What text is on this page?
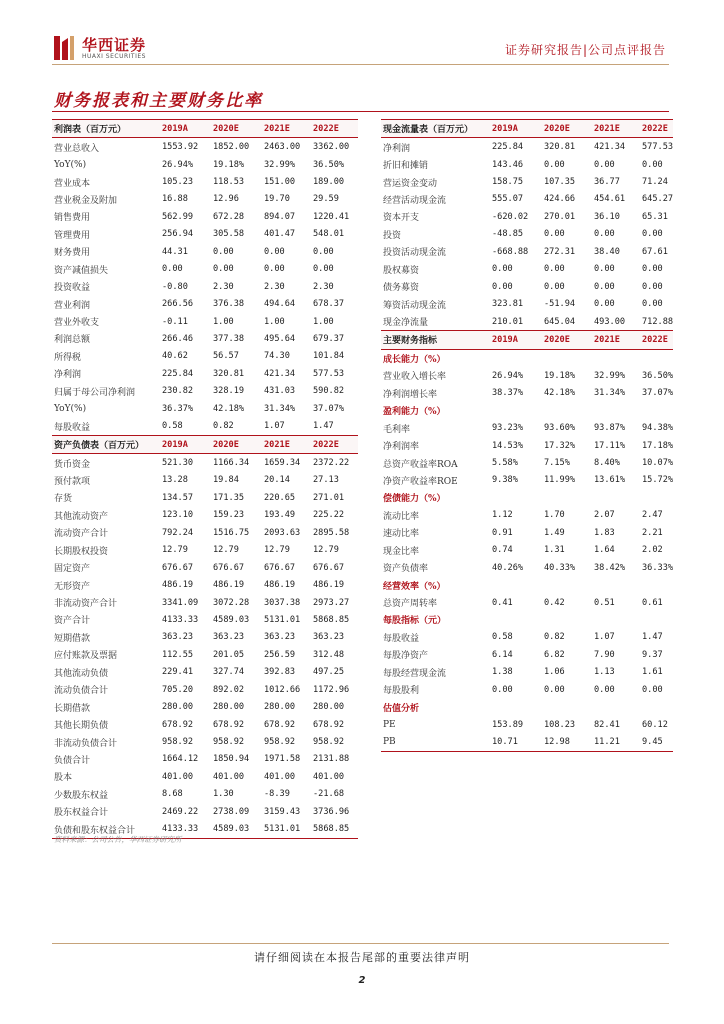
华西证券
HUAXI SECURITIES	证券研究报告|公司点评报告
财务报表和主要财务比率
利润表（百万元）	2019A	2020E	2021E	2022E
营业总收入	1553.92	1852.00	2463.00	3362.00
YoY(%)	26.94%	19.18%	32.99%	36.50%
营业成本	105.23	118.53	151.00	189.00
营业税金及附加	16.88	12.96	19.70	29.59
销售费用	562.99	672.28	894.07	1220.41
管理费用	256.94	305.58	401.47	548.01
财务费用	44.31	0.00	0.00	0.00
资产减值损失	0.00	0.00	0.00	0.00
投资收益	-0.80	2.30	2.30	2.30
营业利润	266.56	376.38	494.64	678.37
营业外收支	-0.11	1.00	1.00	1.00
利润总额	266.46	377.38	495.64	679.37
所得税	40.62	56.57	74.30	101.84
净利润	225.84	320.81	421.34	577.53
归属于母公司净利润	230.82	328.19	431.03	590.82
YoY(%)	36.37%	42.18%	31.34%	37.07%
每股收益	0.58	0.82	1.07	1.47
资产负债表（百万元）	2019A	2020E	2021E	2022E
货币资金	521.30	1166.34	1659.34	2372.22
预付款项	13.28	19.84	20.14	27.13
存货	134.57	171.35	220.65	271.01
其他流动资产	123.10	159.23	193.49	225.22
流动资产合计	792.24	1516.75	2093.63	2895.58
长期股权投资	12.79	12.79	12.79	12.79
固定资产	676.67	676.67	676.67	676.67
无形资产	486.19	486.19	486.19	486.19
非流动资产合计	3341.09	3072.28	3037.38	2973.27
资产合计	4133.33	4589.03	5131.01	5868.85
短期借款	363.23	363.23	363.23	363.23
应付账款及票据	112.55	201.05	256.59	312.48
其他流动负债	229.41	327.74	392.83	497.25
流动负债合计	705.20	892.02	1012.66	1172.96
长期借款	280.00	280.00	280.00	280.00
其他长期负债	678.92	678.92	678.92	678.92
非流动负债合计	958.92	958.92	958.92	958.92
负债合计	1664.12	1850.94	1971.58	2131.88
股本	401.00	401.00	401.00	401.00
少数股东权益	8.68	1.30	-8.39	-21.68
股东权益合计	2469.22	2738.09	3159.43	3736.96
负债和股东权益合计	4133.33	4589.03	5131.01	5868.85
现金流量表（百万元）	2019A	2020E	2021E	2022E
净利润	225.84	320.81	421.34	577.53
折旧和摊销	143.46	0.00	0.00	0.00
营运资金变动	158.75	107.35	36.77	71.24
经营活动现金流	555.07	424.66	454.61	645.27
资本开支	-620.02	270.01	36.10	65.31
投资	-48.85	0.00	0.00	0.00
投资活动现金流	-668.88	272.31	38.40	67.61
股权募资	0.00	0.00	0.00	0.00
债务募资	0.00	0.00	0.00	0.00
筹资活动现金流	323.81	-51.94	0.00	0.00
现金净流量	210.01	645.04	493.00	712.88
主要财务指标	2019A	2020E	2021E	2022E
成长能力（%）				
营业收入增长率	26.94%	19.18%	32.99%	36.50%
净利润增长率	38.37%	42.18%	31.34%	37.07%
盈利能力（%）				
毛利率	93.23%	93.60%	93.87%	94.38%
净利润率	14.53%	17.32%	17.11%	17.18%
总资产收益率ROA	5.58%	7.15%	8.40%	10.07%
净资产收益率ROE	9.38%	11.99%	13.61%	15.72%
偿债能力（%）				
流动比率	1.12	1.70	2.07	2.47
速动比率	0.91	1.49	1.83	2.21
现金比率	0.74	1.31	1.64	2.02
资产负债率	40.26%	40.33%	38.42%	36.33%
经营效率（%）				
总资产周转率	0.41	0.42	0.51	0.61
每股指标（元）				
每股收益	0.58	0.82	1.07	1.47
每股净资产	6.14	6.82	7.90	9.37
每股经营现金流	1.38	1.06	1.13	1.61
每股股利	0.00	0.00	0.00	0.00
估值分析				
PE	153.89	108.23	82.41	60.12
PB	10.71	12.98	11.21	9.45
资料来源：公司公告，华西证券研究所
请仔细阅读在本报告尾部的重要法律声明
2
